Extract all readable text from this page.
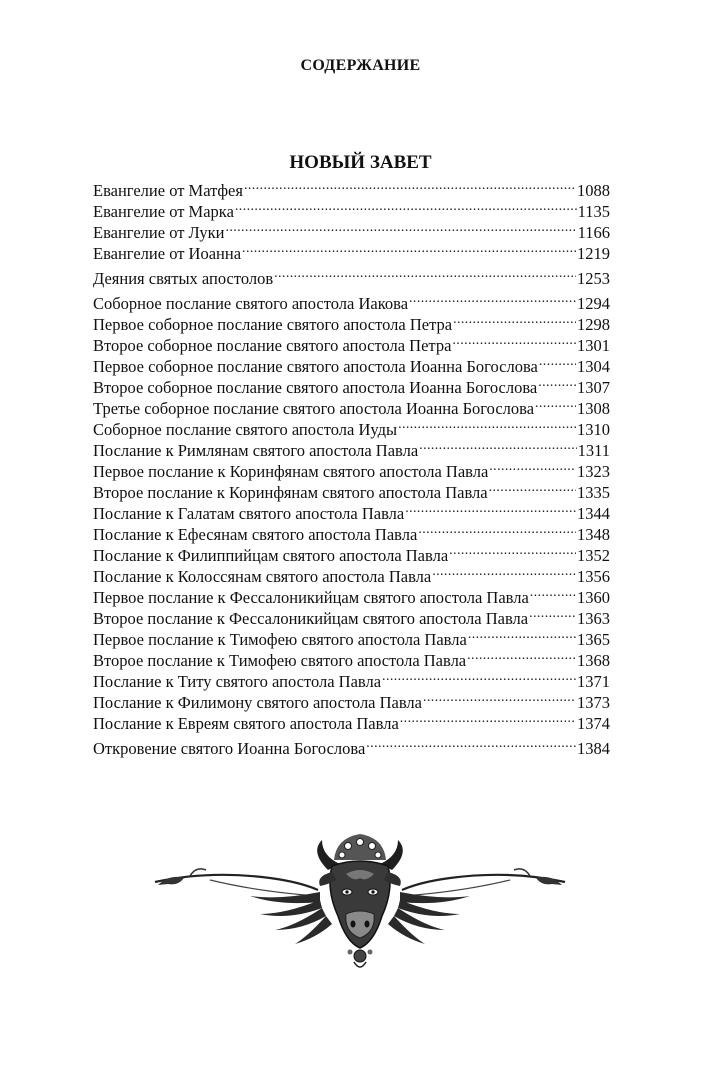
СОДЕРЖАНИЕ
НОВЫЙ ЗАВЕТ
Евангелие от Матфея .....	1088
Евангелие от Марка .....	1135
Евангелие от Луки .....	1166
Евангелие от Иоанна .....	1219
Деяния святых апостолов .....	1253
Соборное послание святого апостола Иакова .....	1294
Первое соборное послание святого апостола Петра .....	1298
Второе соборное послание святого апостола Петра .....	1301
Первое соборное послание святого апостола Иоанна Богослова ..... 1304
Второе соборное послание святого апостола Иоанна Богослова ..... 1307
Третье соборное послание святого апостола Иоанна Богослова .....	1308
Соборное послание святого апостола Иуды .....	1310
Послание к Римлянам святого апостола Павла .....	1311
Первое послание к Коринфянам святого апостола Павла .....	1323
Второе послание к Коринфянам святого апостола Павла .....	1335
Послание к Галатам святого апостола Павла .....	1344
Послание к Ефесянам святого апостола Павла .....	1348
Послание к Филиппийцам святого апостола Павла .....	1352
Послание к Колоссянам святого апостола Павла .....	1356
Первое послание к Фессалоникийцам святого апостола Павла .....	1360
Второе послание к Фессалоникийцам святого апостола Павла .....	1363
Первое послание к Тимофею святого апостола Павла .....	1365
Второе послание к Тимофею святого апостола Павла .....	1368
Послание к Титу святого апостола Павла .....	1371
Послание к Филимону святого апостола Павла .....	1373
Послание к Евреям святого апостола Павла .....	1374
Откровение святого Иоанна Богослова .....	1384
